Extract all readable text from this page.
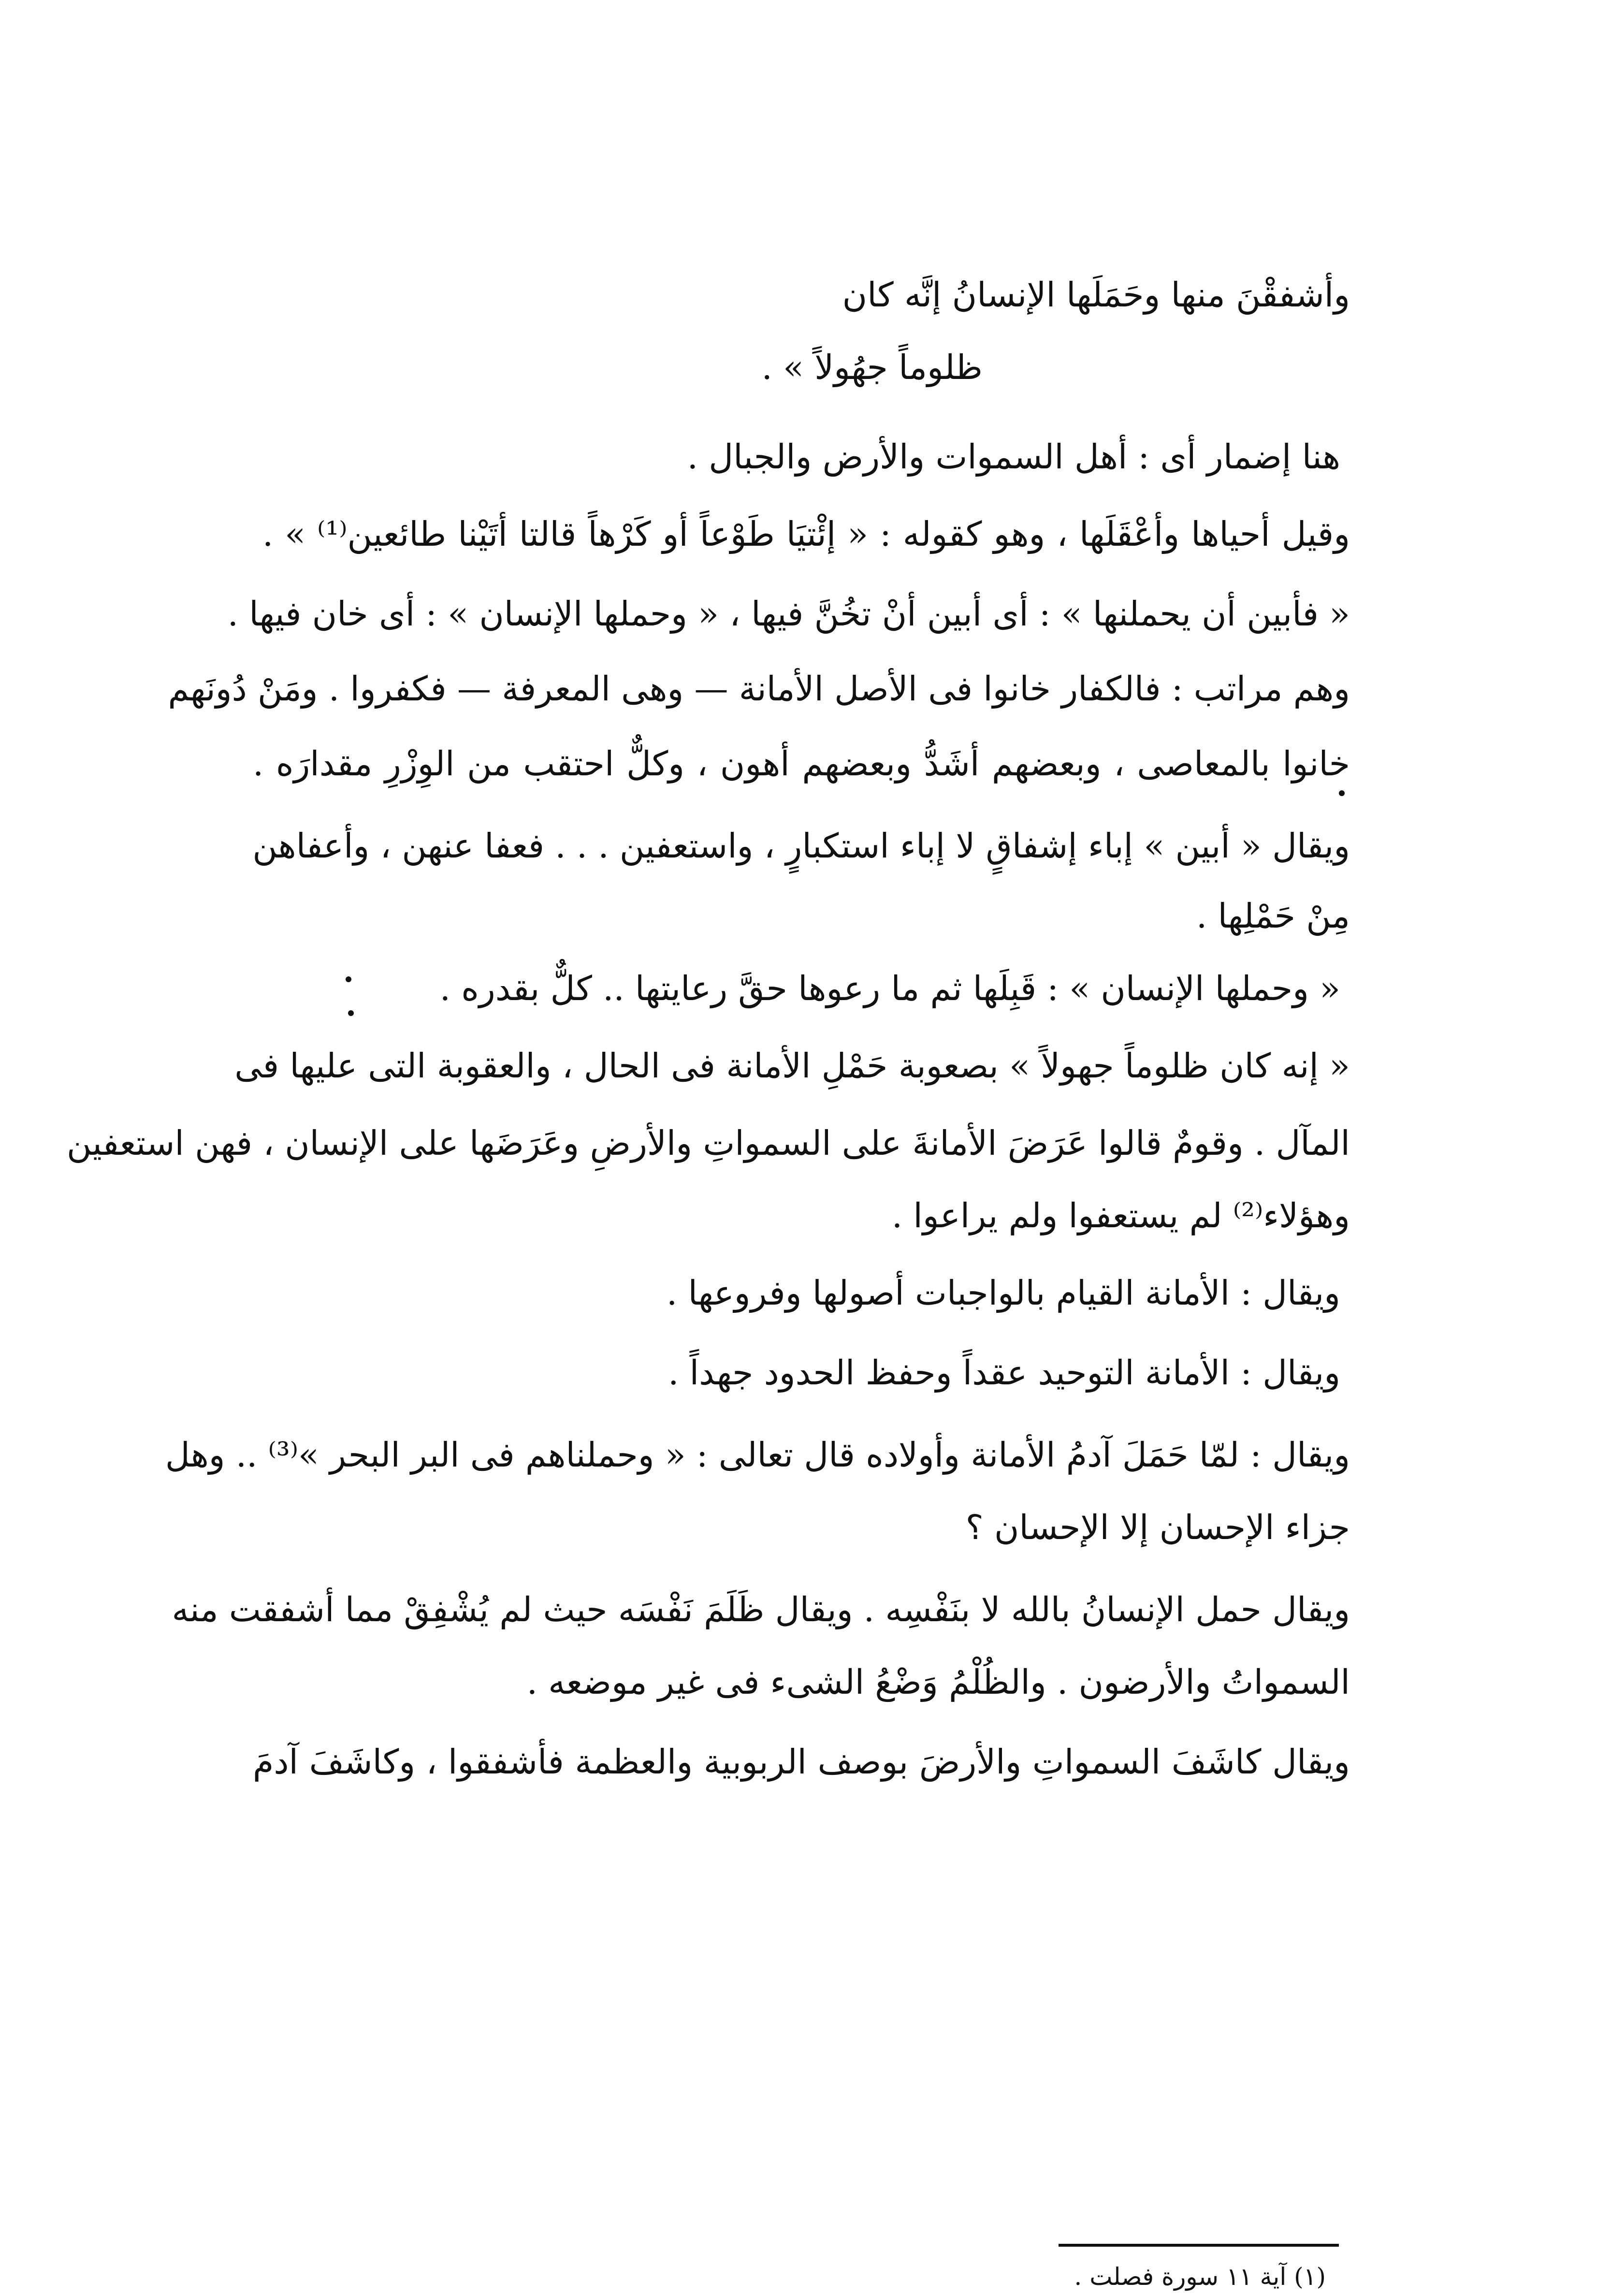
وأشفقْنَ منها وحَمَلَها الإنسانُ إنَّه كان
ظلوماً جهُولاً » .
هنا إضمار أى : أهل السموات والأرض والجبال .
وقيل أحياها وأعْقَلَها ، وهو كقوله : « إئْتيَا طَوْعاً أو كَرْهاً قالتا أتَيْنا طائعين⁽¹⁾ » .
« فأبين أن يحملنها » : أى أبين أنْ تخُنَّ فيها ، « وحملها الإنسان » : أى خان فيها .
وهم مراتب : فالكفار خانوا فى الأصل الأمانة — وهى المعرفة — فكفروا . ومَنْ دُونَهم
خانوا بالمعاصى ، وبعضهم أشَدُّ وبعضهم أهون ، وكلٌّ احتقب من الوِزْرِ مقدارَه .
ويقال « أبين » إباء إشفاقٍ لا إباء استكبارٍ ، واستعفين . . . فعفا عنهن ، وأعفاهن
مِنْ حَمْلِها .
« وحملها الإنسان » : قَبِلَها ثم ما رعوها حقَّ رعايتها .. كلٌّ بقدره .
« إنه كان ظلوماً جهولاً » بصعوبة حَمْلِ الأمانة فى الحال ، والعقوبة التى عليها فى
المآل . وقومٌ قالوا عَرَضَ الأمانةَ على السمواتِ والأرضِ وعَرَضَها على الإنسان ، فهن استعفين
وهؤلاء⁽²⁾ لم يستعفوا ولم يراعوا .
ويقال : الأمانة القيام بالواجبات أصولها وفروعها .
ويقال : الأمانة التوحيد عقداً وحفظ الحدود جهداً .
ويقال : لمّا حَمَلَ آدمُ الأمانة وأولاده قال تعالى : « وحملناهم فى البر البحر »⁽³⁾ .. وهل
جزاء الإحسان إلا الإحسان ؟
ويقال حمل الإنسانُ بالله لا بنَفْسِه . ويقال ظَلَمَ نَفْسَه حيث لم يُشْفِقْ مما أشفقت منه
السمواتُ والأرضون . والظُلْمُ وَضْعُ الشىء فى غير موضعه .
ويقال كاشَفَ السمواتِ والأرضَ بوصف الربوبية والعظمة فأشفقوا ، وكاشَفَ آدمَ
(١) آية ١١ سورة فصلت .
